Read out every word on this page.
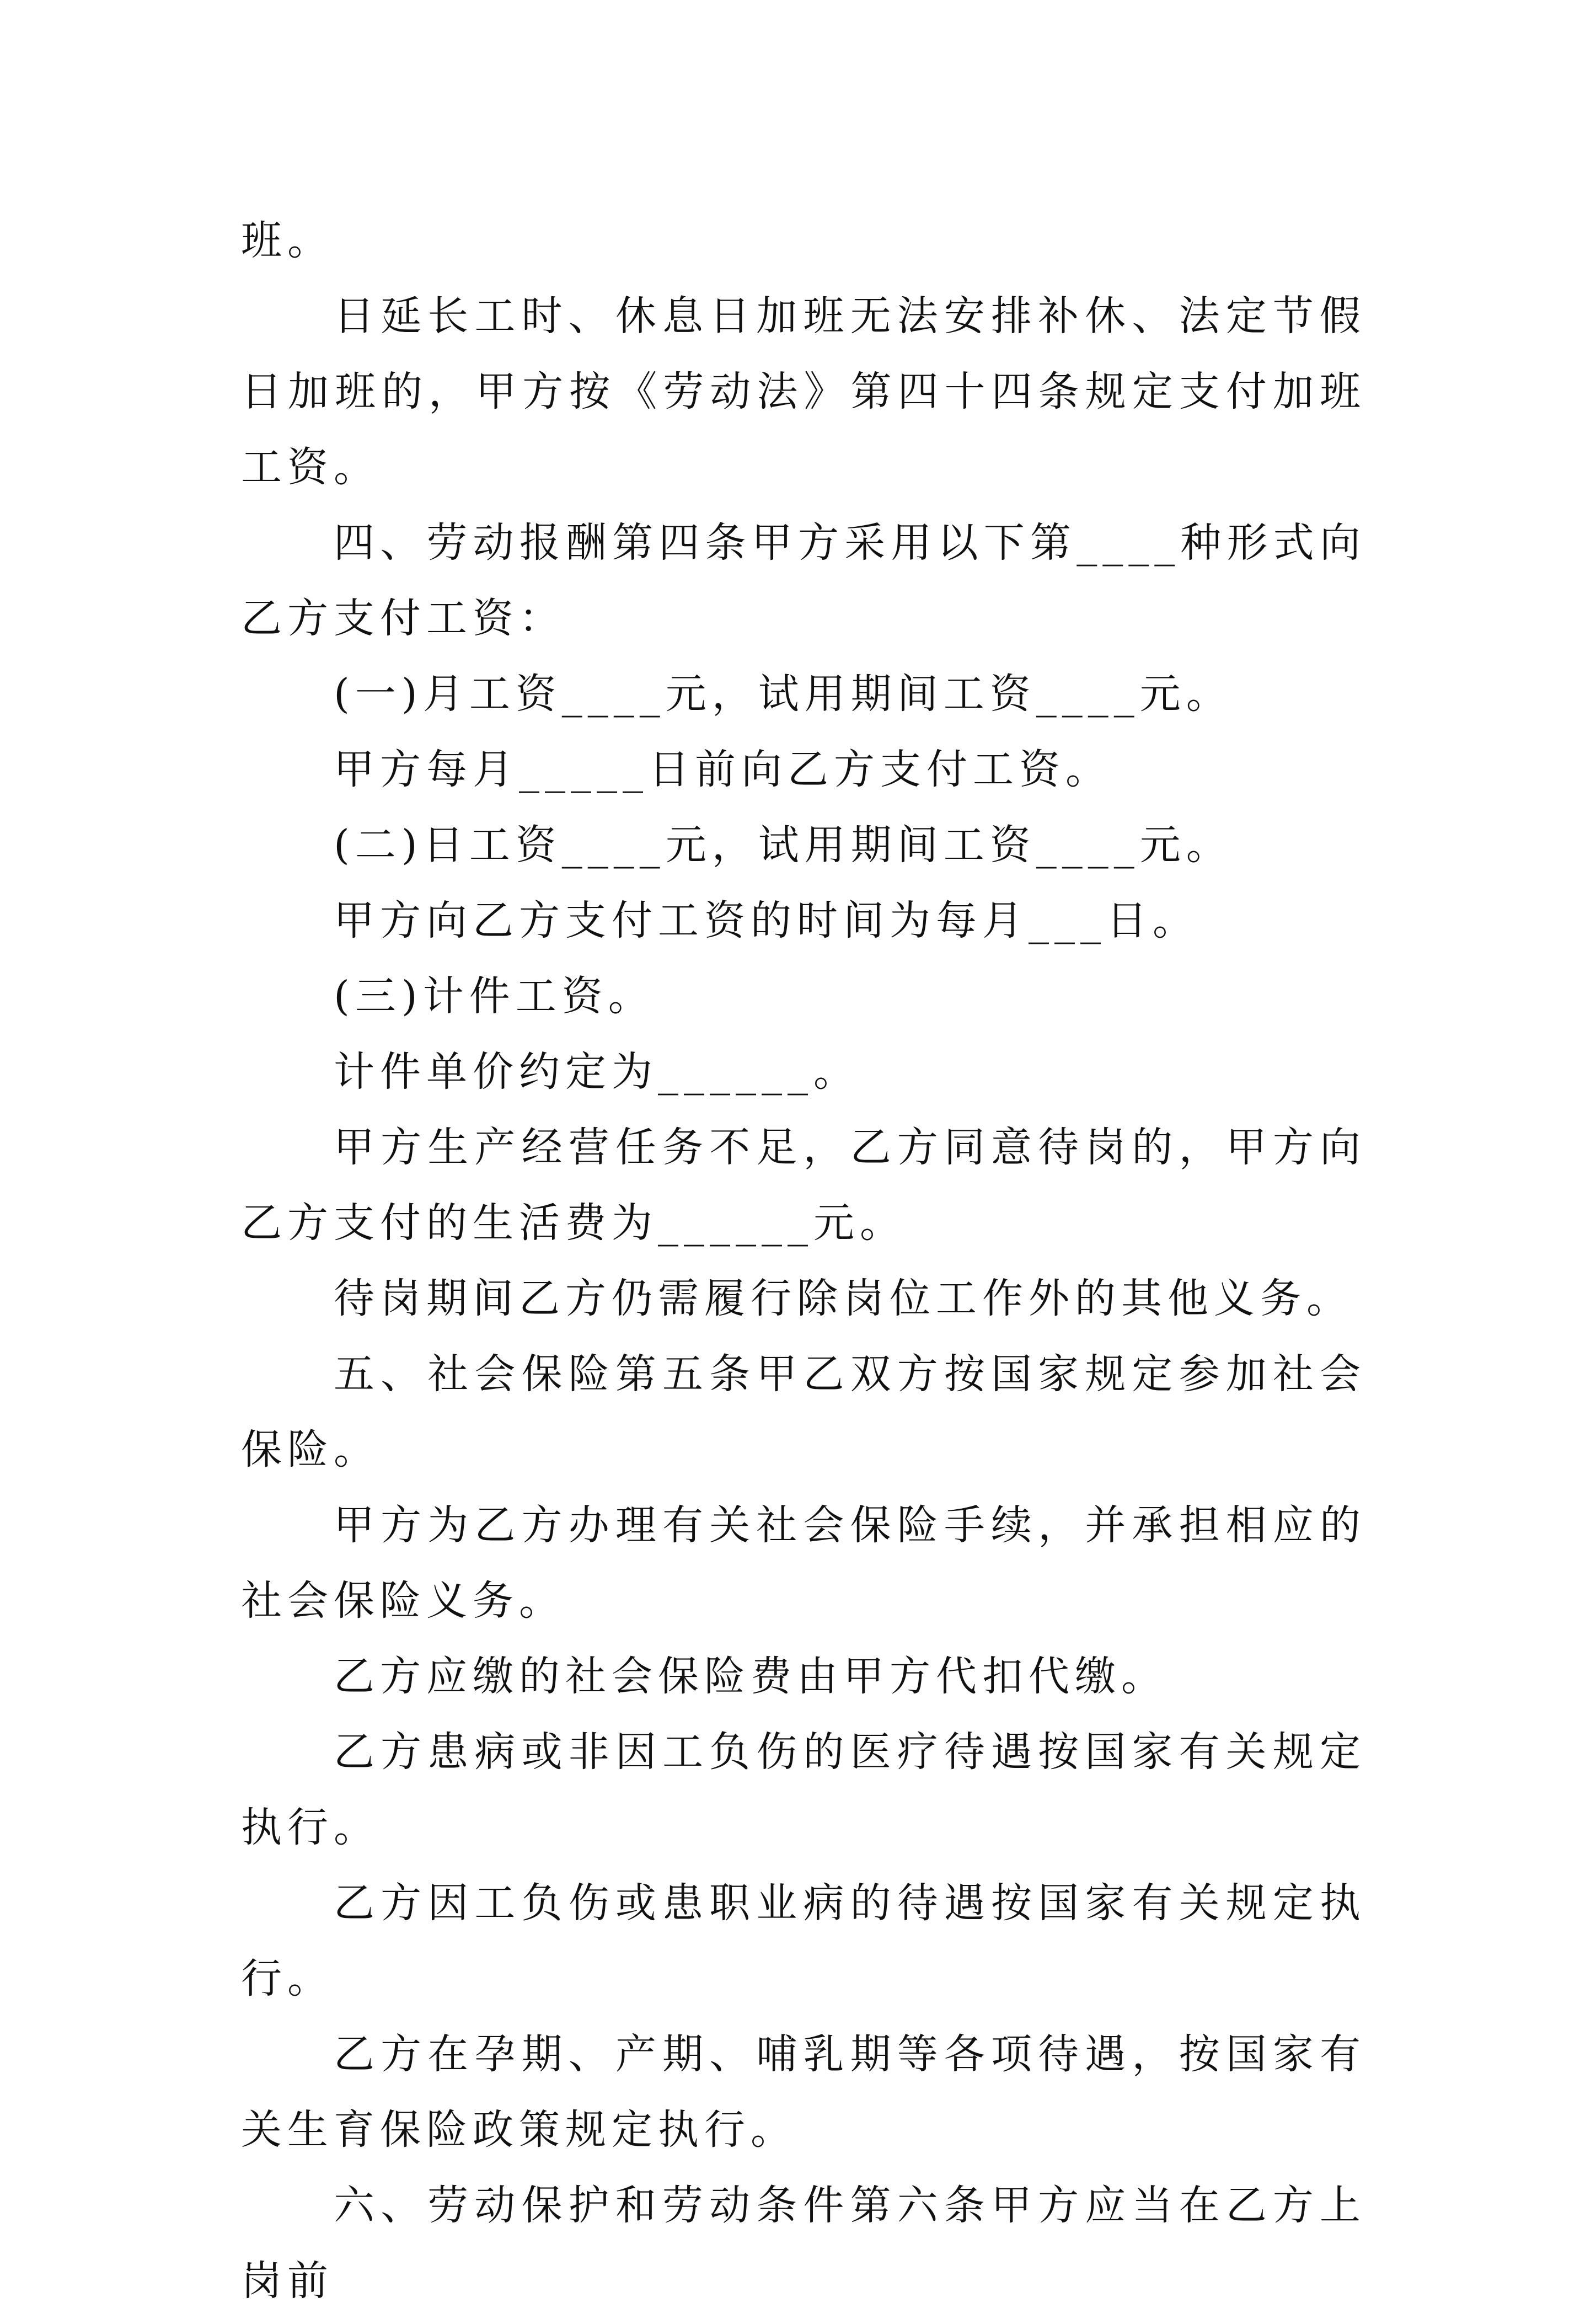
班。

日延长工时、休息日加班无法安排补休、法定节假日加班的，甲方按《劳动法》第四十四条规定支付加班工资。

四、劳动报酬第四条甲方采用以下第____种形式向乙方支付工资：

(一)月工资____元，试用期间工资____元。

甲方每月_____日前向乙方支付工资。

(二)日工资____元，试用期间工资____元。

甲方向乙方支付工资的时间为每月___日。

(三)计件工资。

计件单价约定为______。

甲方生产经营任务不足，乙方同意待岗的，甲方向乙方支付的生活费为______元。

待岗期间乙方仍需履行除岗位工作外的其他义务。

五、社会保险第五条甲乙双方按国家规定参加社会保险。

甲方为乙方办理有关社会保险手续，并承担相应的社会保险义务。

乙方应缴的社会保险费由甲方代扣代缴。

乙方患病或非因工负伤的医疗待遇按国家有关规定执行。

乙方因工负伤或患职业病的待遇按国家有关规定执行。

乙方在孕期、产期、哺乳期等各项待遇，按国家有关生育保险政策规定执行。

六、劳动保护和劳动条件第六条甲方应当在乙方上岗前
